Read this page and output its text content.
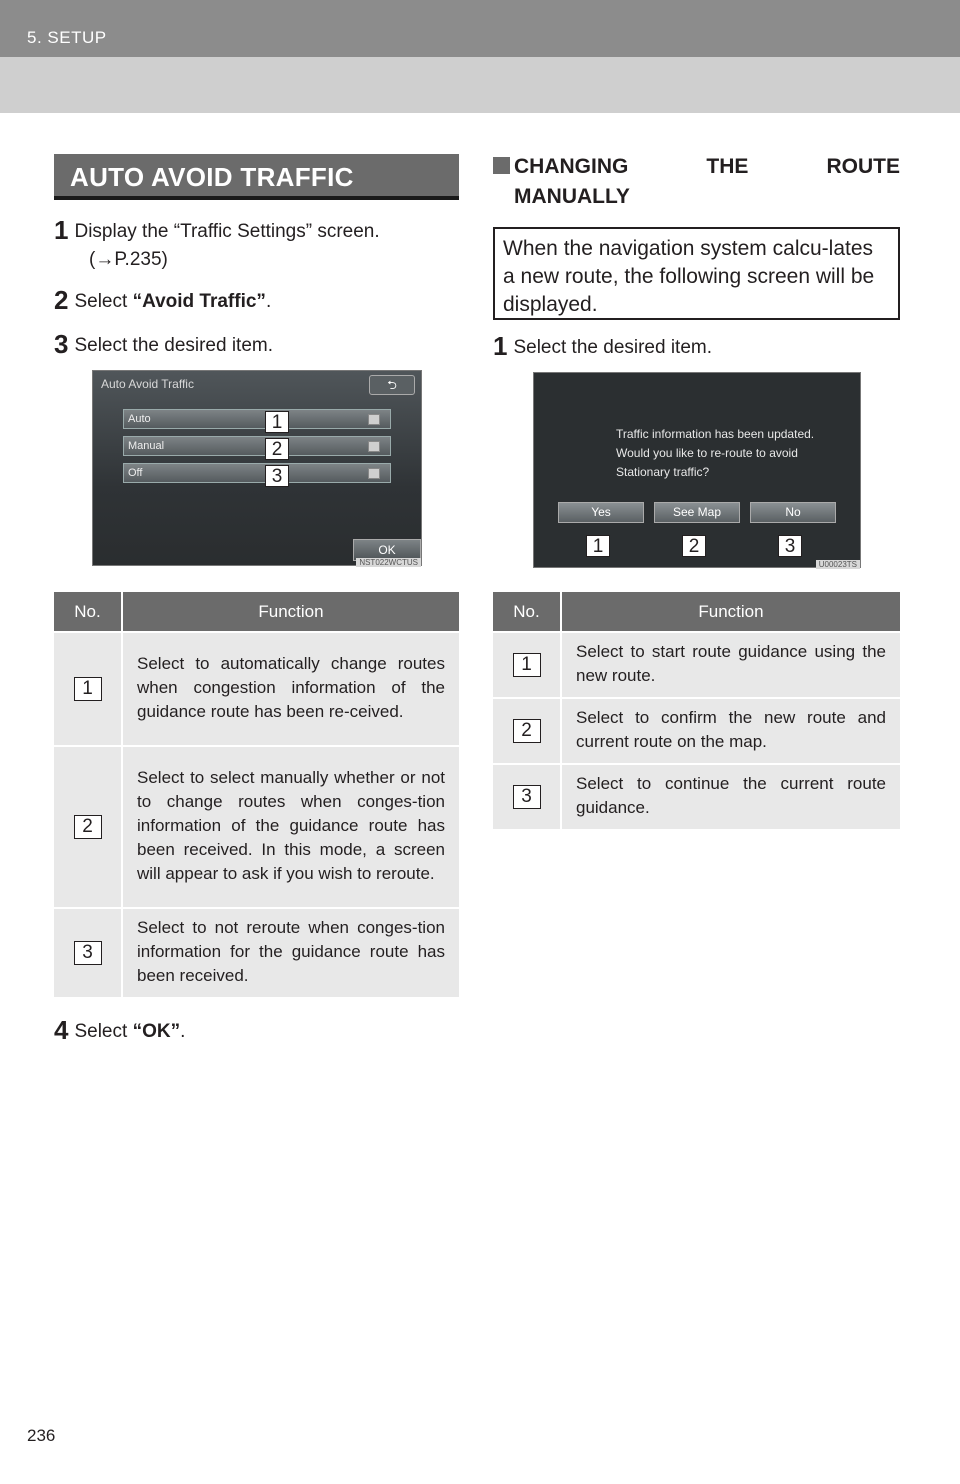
5. SETUP
AUTO AVOID TRAFFIC
1 Display the “Traffic Settings” screen.
(→P.235)
2 Select “Avoid Traffic”.
3 Select the desired item.
Auto Avoid Traffic	⮌
Auto
Manual
Off
1
2
3
OK
NST022WCTUS
No.	Function
1	Select to automatically change routes when congestion information of the guidance route has been re-ceived.
2	Select to select manually whether or not to change routes when conges-tion information of the guidance route has been received. In this mode, a screen will appear to ask if you wish to reroute.
3	Select to not reroute when conges-tion information for the guidance route has been received.
4 Select “OK”.
CHANGING	THE	ROUTE
MANUALLY
When the navigation system calcu-lates a new route, the following screen will be displayed.
1 Select the desired item.
Traffic information has been updated.
Would you like to re-route to avoid
Stationary traffic?
Yes	See Map	No
1	2	3
U00023TS
No.	Function
1	Select to start route guidance using the new route.
2	Select to confirm the new route and current route on the map.
3	Select to continue the current route guidance.
236
